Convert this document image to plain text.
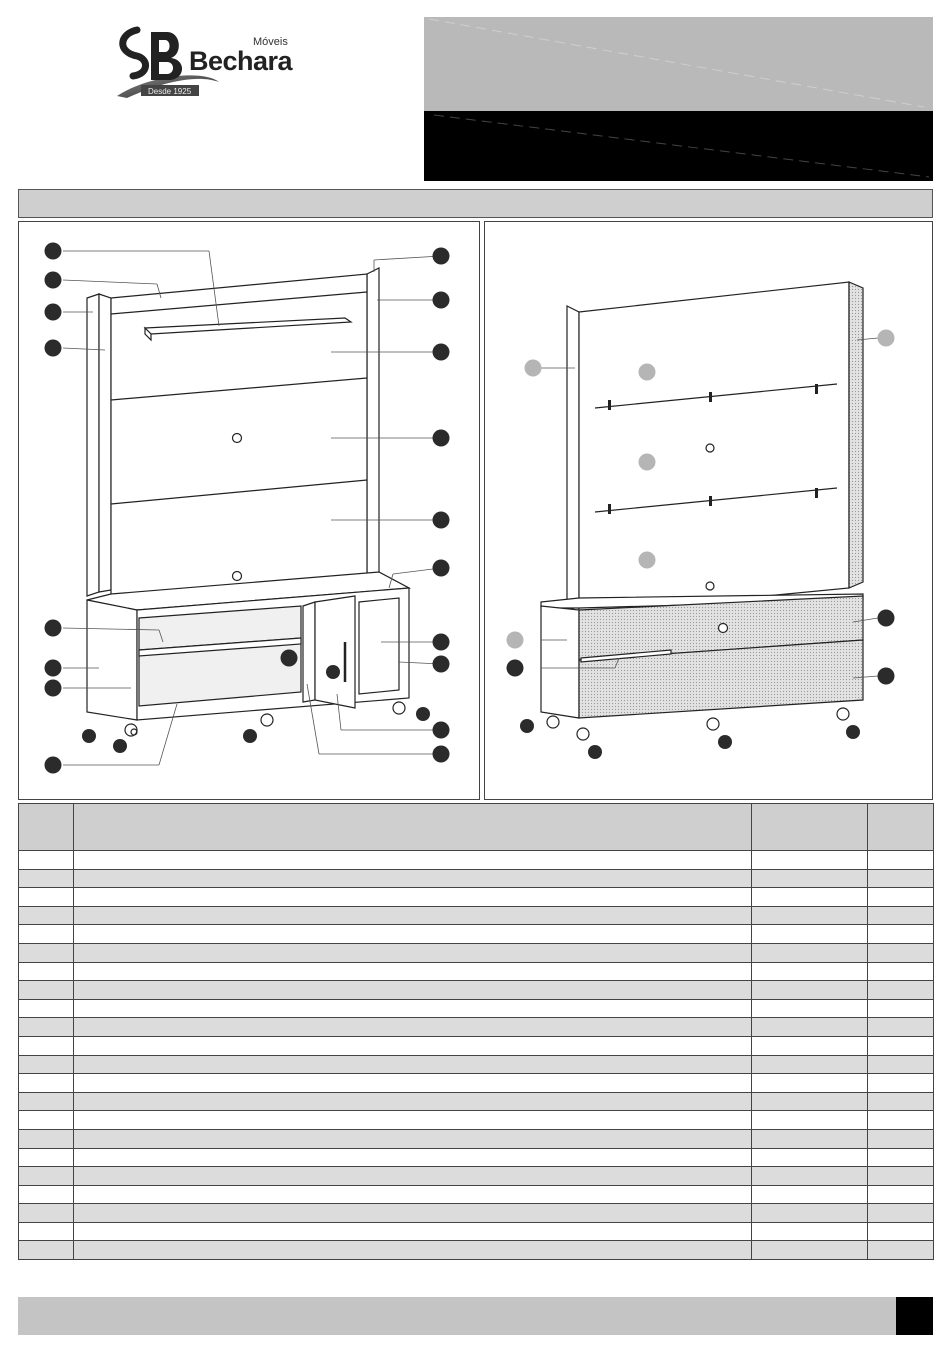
Móveis
Bechara
Desde 1925
